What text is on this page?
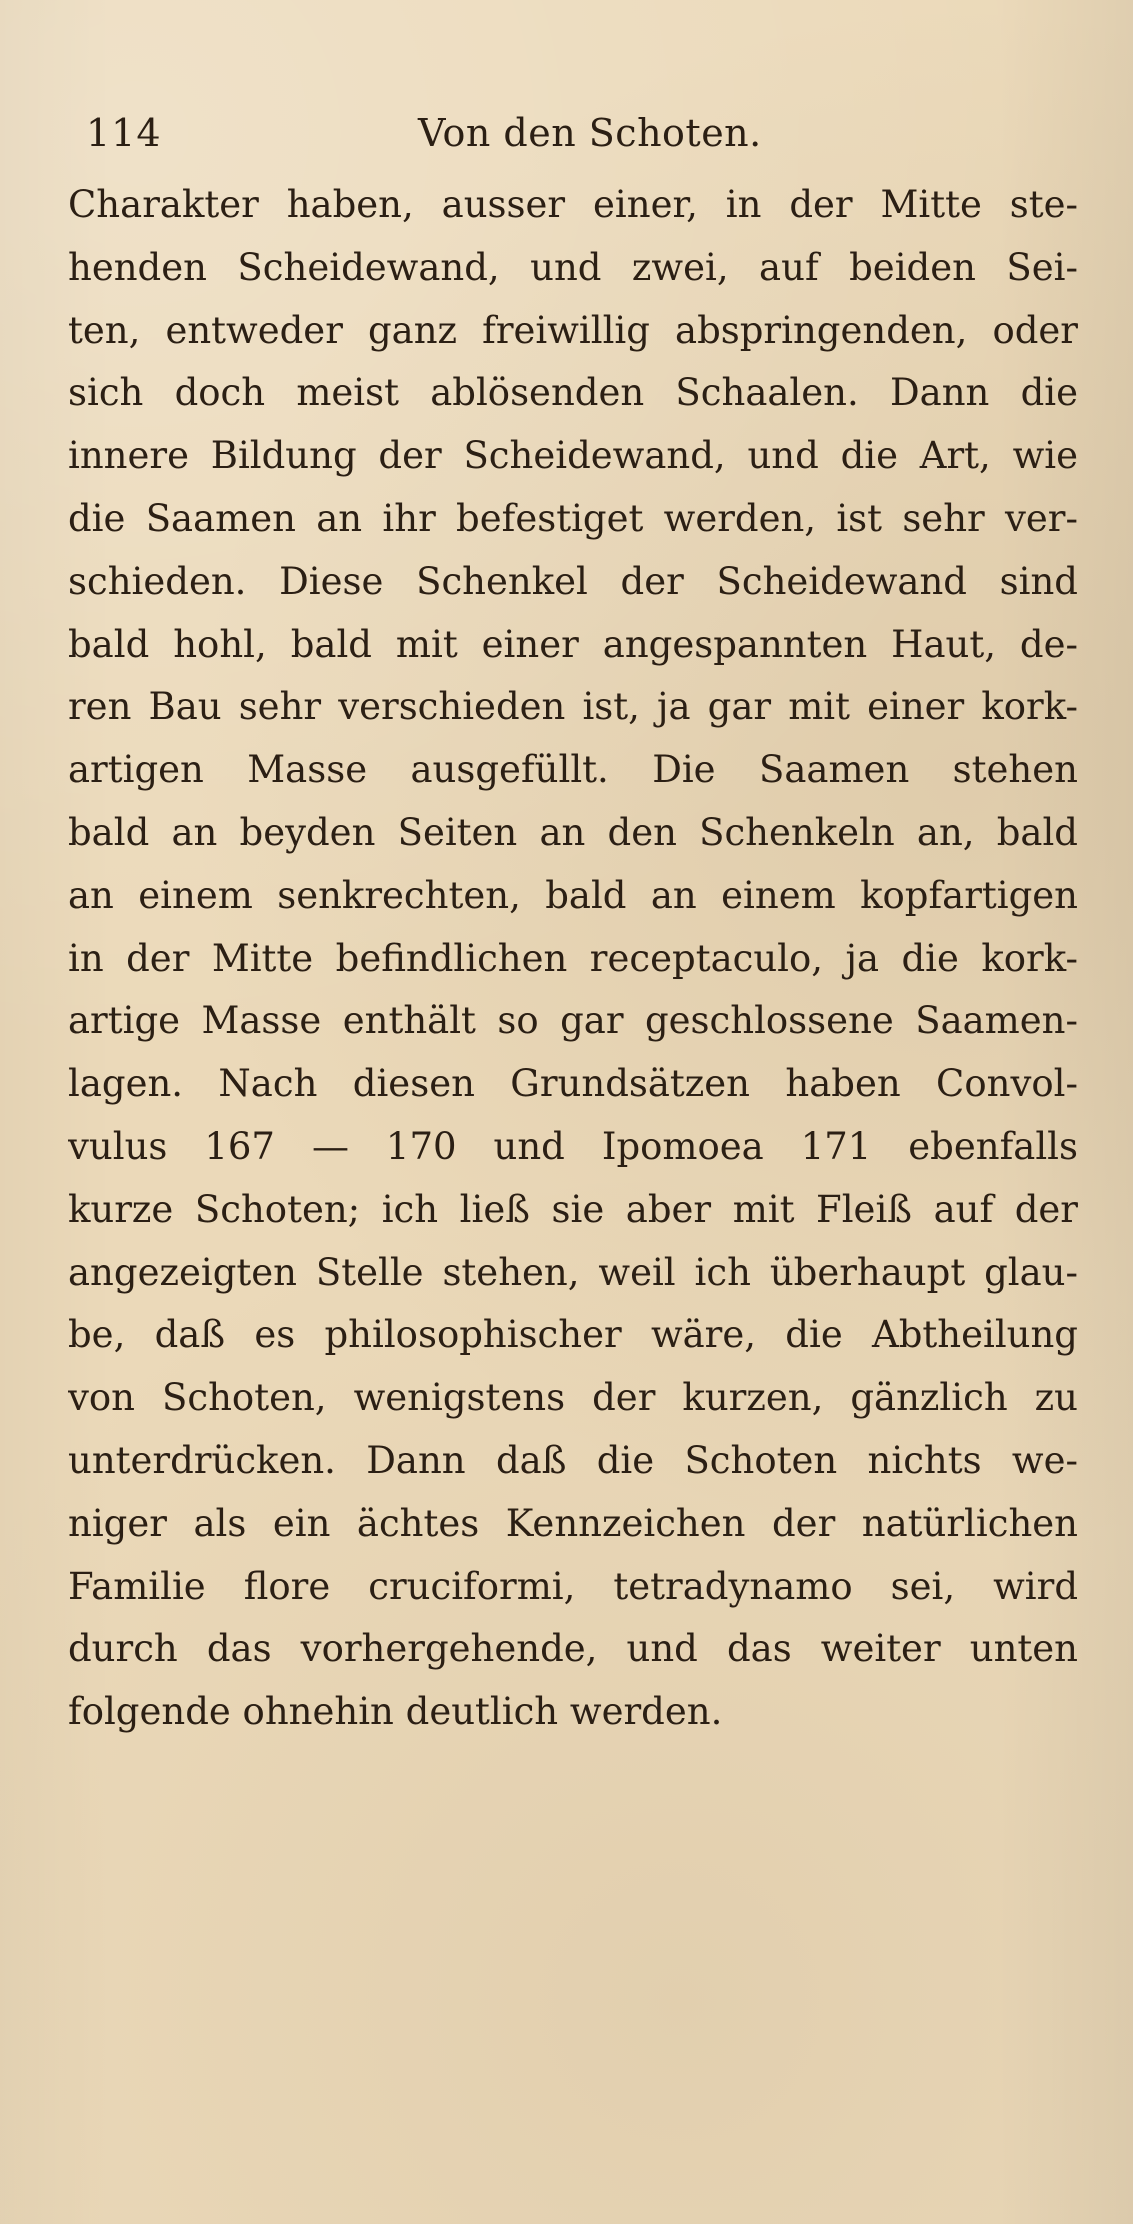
114	Von den Schoten.
Charakter haben, ausser einer, in der Mitte ste-
henden Scheidewand, und zwei, auf beiden Sei-
ten, entweder ganz freiwillig abspringenden, oder
sich doch meist ablösenden Schaalen. Dann die
innere Bildung der Scheidewand, und die Art, wie
die Saamen an ihr befestiget werden, ist sehr ver-
schieden. Diese Schenkel der Scheidewand sind
bald hohl, bald mit einer angespannten Haut, de-
ren Bau sehr verschieden ist, ja gar mit einer kork-
artigen Masse ausgefüllt. Die Saamen stehen
bald an beyden Seiten an den Schenkeln an, bald
an einem senkrechten, bald an einem kopfartigen
in der Mitte befindlichen receptaculo, ja die kork-
artige Masse enthält so gar geschlossene Saamen-
lagen. Nach diesen Grundsätzen haben Convol-
vulus 167 — 170 und Ipomoea 171 ebenfalls
kurze Schoten; ich ließ sie aber mit Fleiß auf der
angezeigten Stelle stehen, weil ich überhaupt glau-
be, daß es philosophischer wäre, die Abtheilung
von Schoten, wenigstens der kurzen, gänzlich zu
unterdrücken. Dann daß die Schoten nichts we-
niger als ein ächtes Kennzeichen der natürlichen
Familie flore cruciformi, tetradynamo sei, wird
durch das vorhergehende, und das weiter unten
folgende ohnehin deutlich werden.
